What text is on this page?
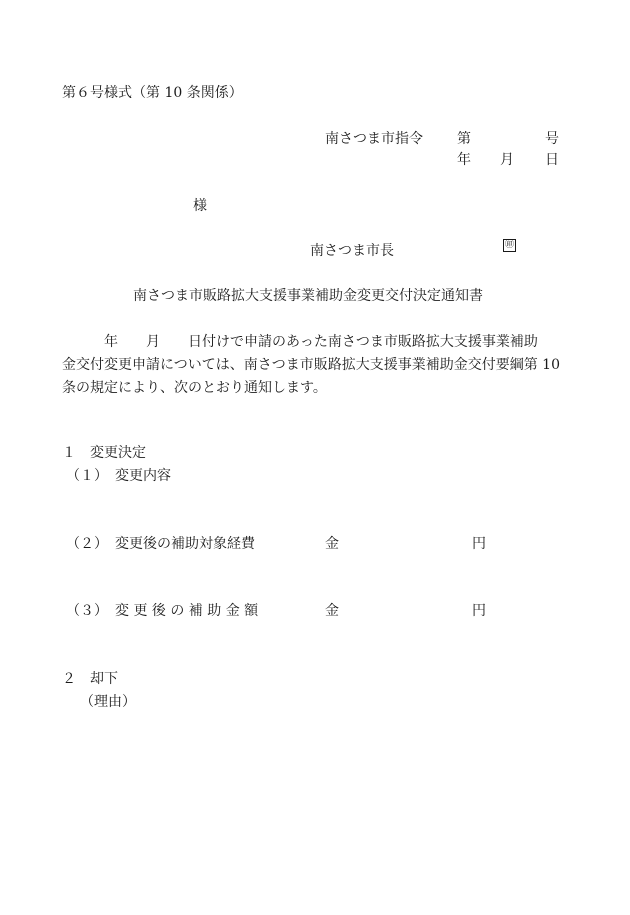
第６号様式（第 10 条関係）
南さつま市指令 第	号
年 月 日
様
南さつま市長	㊞
南さつま市販路拡大支援事業補助金変更交付決定通知書
　　　年　　月　　日付けで申請のあった南さつま市販路拡大支援事業補助
金交付変更申請については、南さつま市販路拡大支援事業補助金交付要綱第 10
条の規定により、次のとおり通知します。
１　変更決定
（１）　変更内容
（２）　変更後の補助対象経費	金	円
（３）　変 更 後 の 補 助 金 額	金	円
２　却下
（理由）
